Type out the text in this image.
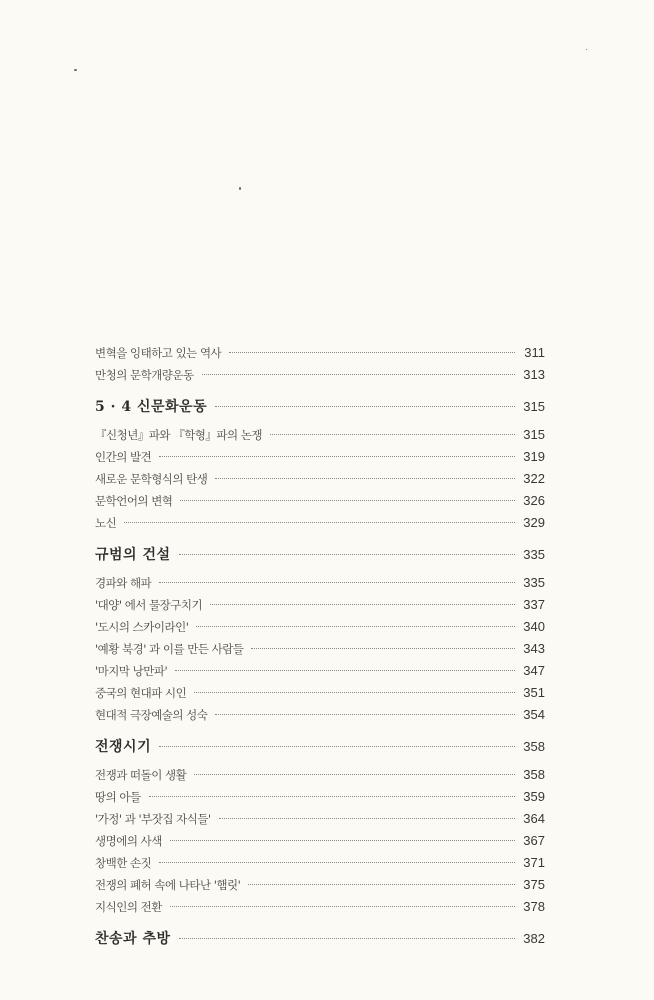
변혁을 잉태하고 있는 역사	311
만청의 문학개량운동	313
5 · 4 신문화운동	315
『신청년』파와 『학형』파의 논쟁	315
인간의 발견	319
새로운 문학형식의 탄생	322
문학언어의 변혁	326
노신	329
규범의 건설	335
경파와 해파	335
'대양' 에서 물장구치기	337
'도시의 스카이라인'	340
'예황 북경' 과 이를 만든 사람들	343
'마지막 낭만파'	347
중국의 현대파 시인	351
현대적 극장예술의 성숙	354
전쟁시기	358
전쟁과 떠돌이 생활	358
땅의 아들	359
'가정' 과 '부잣집 자식들'	364
생명에의 사색	367
창백한 손짓	371
전쟁의 폐허 속에 나타난 '햄릿'	375
지식인의 전환	378
찬송과 추방	382
